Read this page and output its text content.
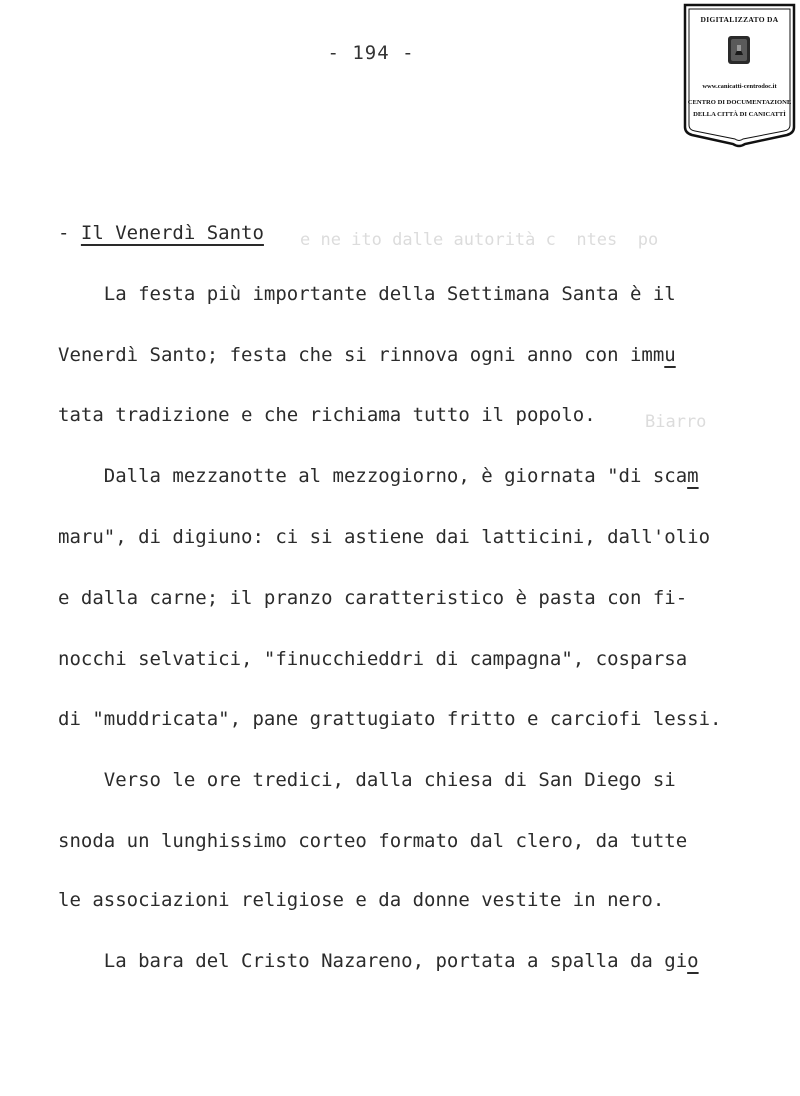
- 194 -
DIGITALIZZATO DA
www.canicatti-centrodoc.it
CENTRO DI DOCUMENTAZIONE
DELLA CITTÀ DI CANICATTÌ
e ne ito dalle autorità c  ntes  po
Biarro
- Il Venerdì Santo
La festa più importante della Settimana Santa è il
Venerdì Santo; festa che si rinnova ogni anno con immu
tata tradizione e che richiama tutto il popolo.
Dalla mezzanotte al mezzogiorno, è giornata "di scam
maru", di digiuno: ci si astiene dai latticini, dall'olio
e dalla carne; il pranzo caratteristico è pasta con fi-
nocchi selvatici, "finucchieddri di campagna", cosparsa
di "muddricata", pane grattugiato fritto e carciofi lessi.
Verso le ore tredici, dalla chiesa di San Diego si
snoda un lunghissimo corteo formato dal clero, da tutte
le associazioni religiose e da donne vestite in nero.
La bara del Cristo Nazareno, portata a spalla da gio
